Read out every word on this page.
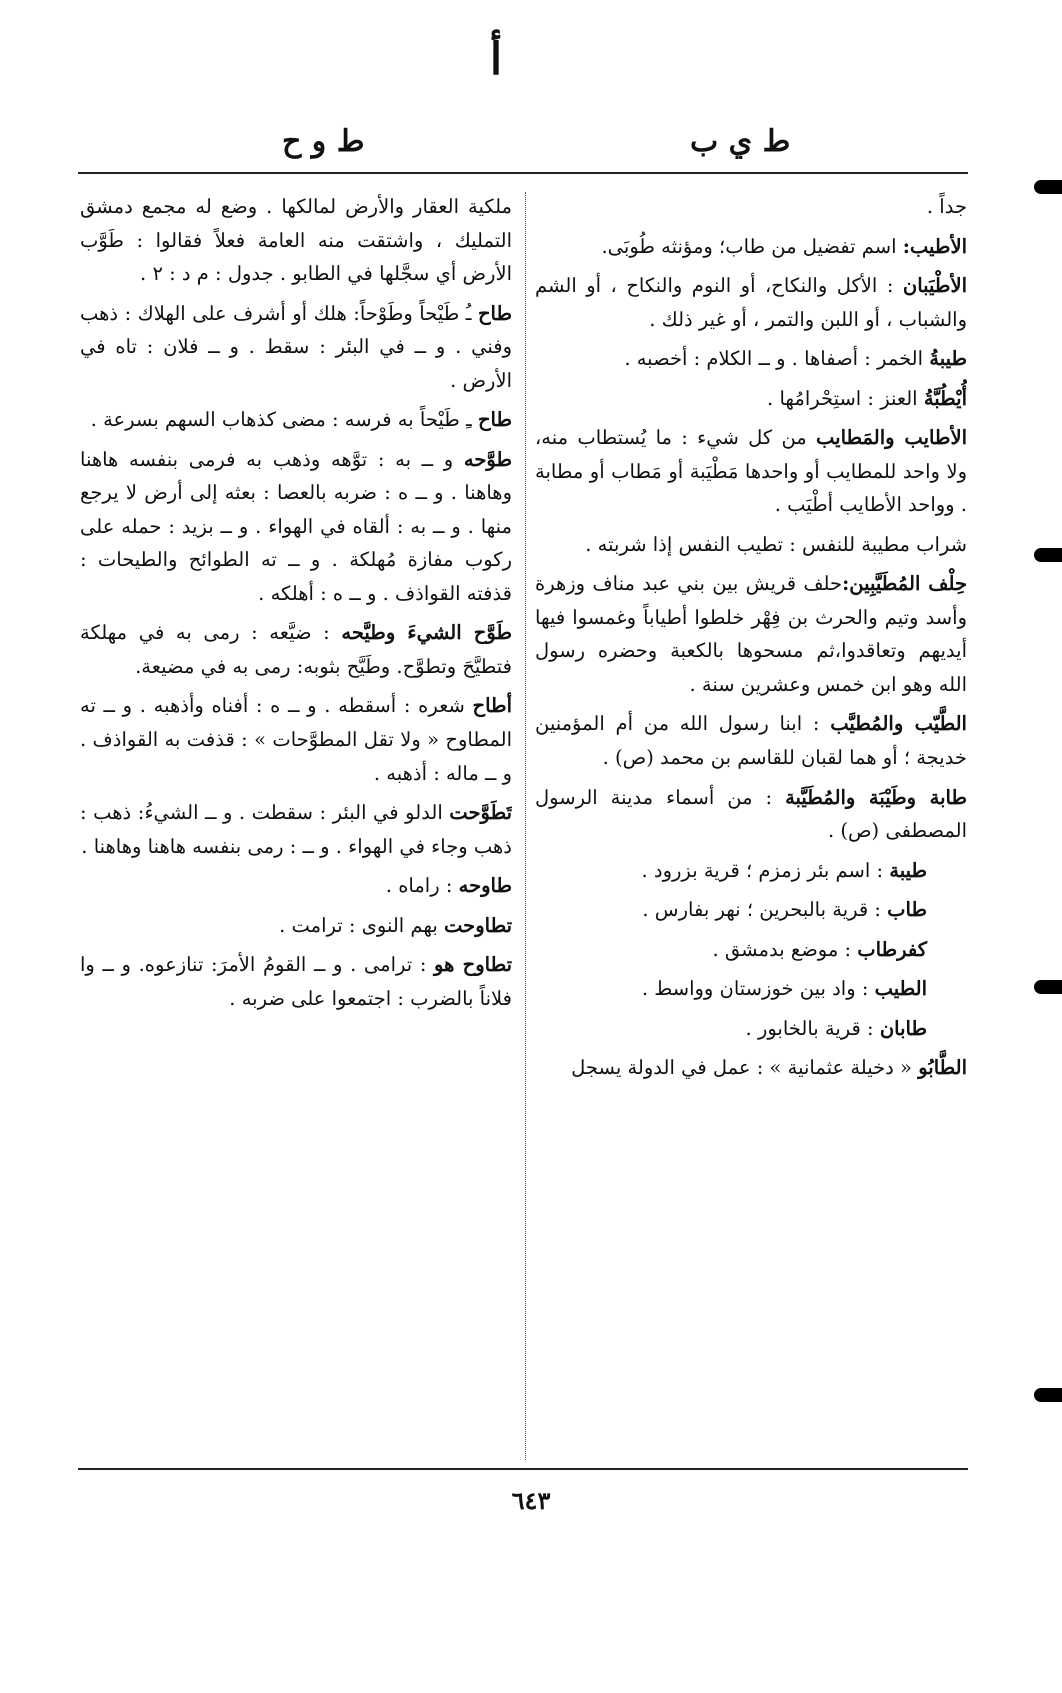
أ
ط ي ب
ط و ح

جداً .

الأطيب: اسم تفضيل من طاب؛ ومؤنثه طُوبَى.

الأطْيَبان : الأكل والنكاح، أو النوم والنكاح ، أو الشم والشباب ، أو اللبن والتمر ، أو غير ذلك .

طيبةُ الخمر : أصفاها . و ــ الكلام : أخصبه .

أُيْطُبَّةُ العنز : استِحْرامُها .

الأطايب والمَطايب من كل شيء : ما يُستطاب منه، ولا واحد للمطايب أو واحدها مَطْيَبة أو مَطاب أو مطابة . وواحد الأطايب أطْيَب .

شراب مطيبة للنفس : تطيب النفس إذا شربته .

حِلْف المُطَيَّبِين:حلف قريش بين بني عبد مناف وزهرة وأسد وتيم والحرث بن فِهْر خلطوا أطياباً وغمسوا فيها أيديهم وتعاقدوا،ثم مسحوها بالكعبة وحضره رسول الله وهو ابن خمس وعشرين سنة .

الطَّيّب والمُطيَّب : ابنا رسول الله من أم المؤمنين خديجة ؛ أو هما لقبان للقاسم بن محمد (ص) .

طابة وطَيْبَة والمُطَيَّبة : من أسماء مدينة الرسول المصطفى (ص) .

طيبة : اسم بئر زمزم ؛ قرية بزرود .

طاب : قرية بالبحرين ؛ نهر بفارس .

كفرطاب : موضع بدمشق .

الطيب : واد بين خوزستان وواسط .

طابان : قرية بالخابور .

الطَّابُو « دخيلة عثمانية » : عمل في الدولة يسجل

ملكية العقار والأرض لمالكها . وضع له مجمع دمشق التمليك ، واشتقت منه العامة فعلاً فقالوا : طَوَّب الأرض أي سجَّلها في الطابو . جدول : م د : ٢ .

طاح ـُ طَيْحاً وطَوْحاً: هلك أو أشرف على الهلاك : ذهب وفني . و ــ في البئر : سقط . و ــ فلان : تاه في الأرض .

طاح ـِ طَيْحاً به فرسه : مضى كذهاب السهم بسرعة .

طوَّحه و ــ به : توَّهه وذهب به فرمى بنفسه هاهنا وهاهنا . و ــ ه : ضربه بالعصا : بعثه إلى أرض لا يرجع منها . و ــ به : ألقاه في الهواء . و ــ بزيد : حمله على ركوب مفازة مُهلكة . و ــ ته الطوائح والطيحات : قذفته القواذف . و ــ ه : أهلكه .

طَوَّح الشيءَ وطيَّحه : ضيَّعه : رمى به في مهلكة فتطيَّحَ وتطوَّح. وطَيَّح بثوبه: رمى به في مضيعة.

أطاح شعره : أسقطه . و ــ ه : أفناه وأذهبه . و ــ ته المطاوح « ولا تقل المطوَّحات » : قذفت به القواذف . و ــ ماله : أذهبه .

تَطَوَّحت الدلو في البئر : سقطت . و ــ الشيءُ: ذهب : ذهب وجاء في الهواء . و ــ : رمى بنفسه هاهنا وهاهنا .

طاوحه : راماه .

تطاوحت بهم النوى : ترامت .

تطاوح هو : ترامى . و ــ القومُ الأمرَ: تنازعوه. و ــ وا فلاناً بالضرب : اجتمعوا على ضربه .

٦٤٣
